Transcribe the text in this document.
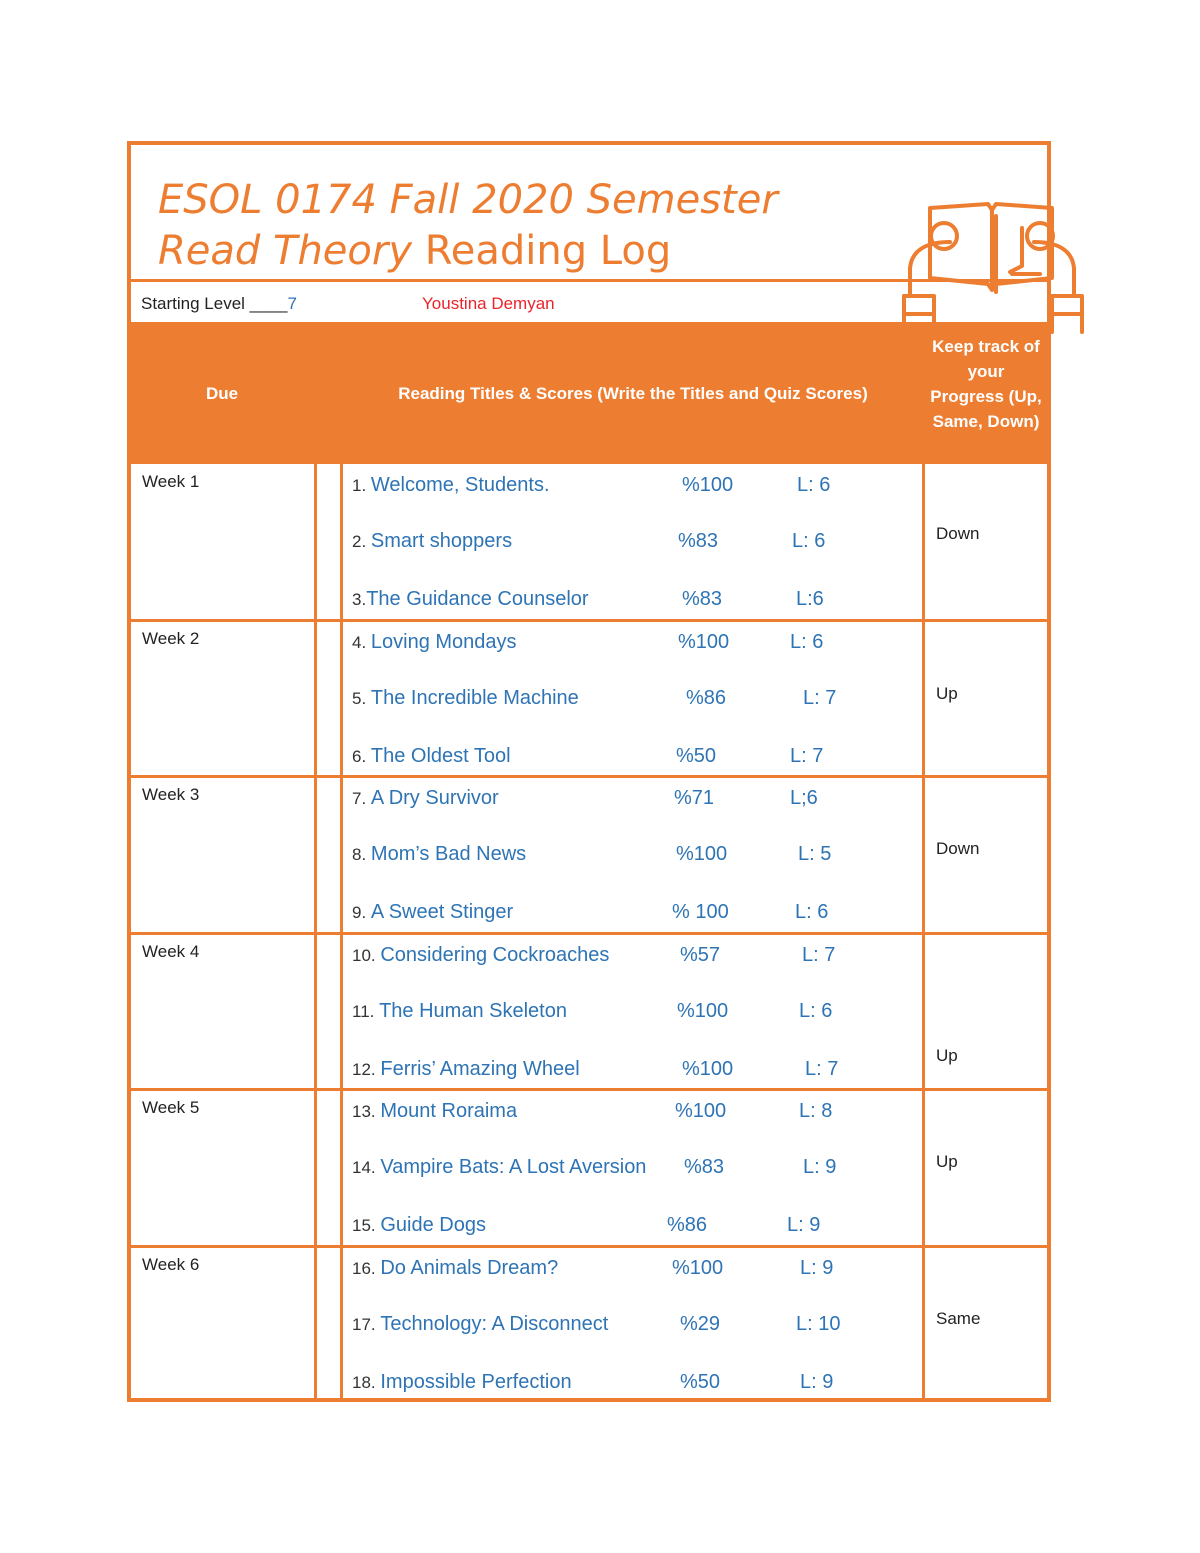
ESOL 0174 Fall 2020 Semester
Read Theory Reading Log
Starting Level ____7	Youstina Demyan
Due	Reading Titles & Scores (Write the Titles and Quiz Scores)
Keep track of your Progress (Up, Same, Down)
Week 1
Down
1. Welcome, Students.	%100	L: 6
2. Smart shoppers	%83	L: 6
3.The Guidance Counselor	%83	L:6
Week 2
Up
4. Loving Mondays	%100	L: 6
5. The Incredible Machine	%86	L: 7
6. The Oldest Tool	%50	L: 7
Week 3
Down
7. A Dry Survivor	%71	L;6
8. Mom’s Bad News	%100	L: 5
9. A Sweet Stinger	% 100	L: 6
Week 4
Up
10. Considering Cockroaches	%57	L: 7
11. The Human Skeleton	%100	L: 6
12. Ferris’ Amazing Wheel	%100	L: 7
Week 5
Up
13. Mount Roraima	%100	L: 8
14. Vampire Bats: A Lost Aversion %83	L: 9
15. Guide Dogs	%86	L: 9
Week 6
Same
16. Do Animals Dream?	%100	L: 9
17. Technology: A Disconnect	%29	L: 10
18. Impossible Perfection	%50	L: 9
